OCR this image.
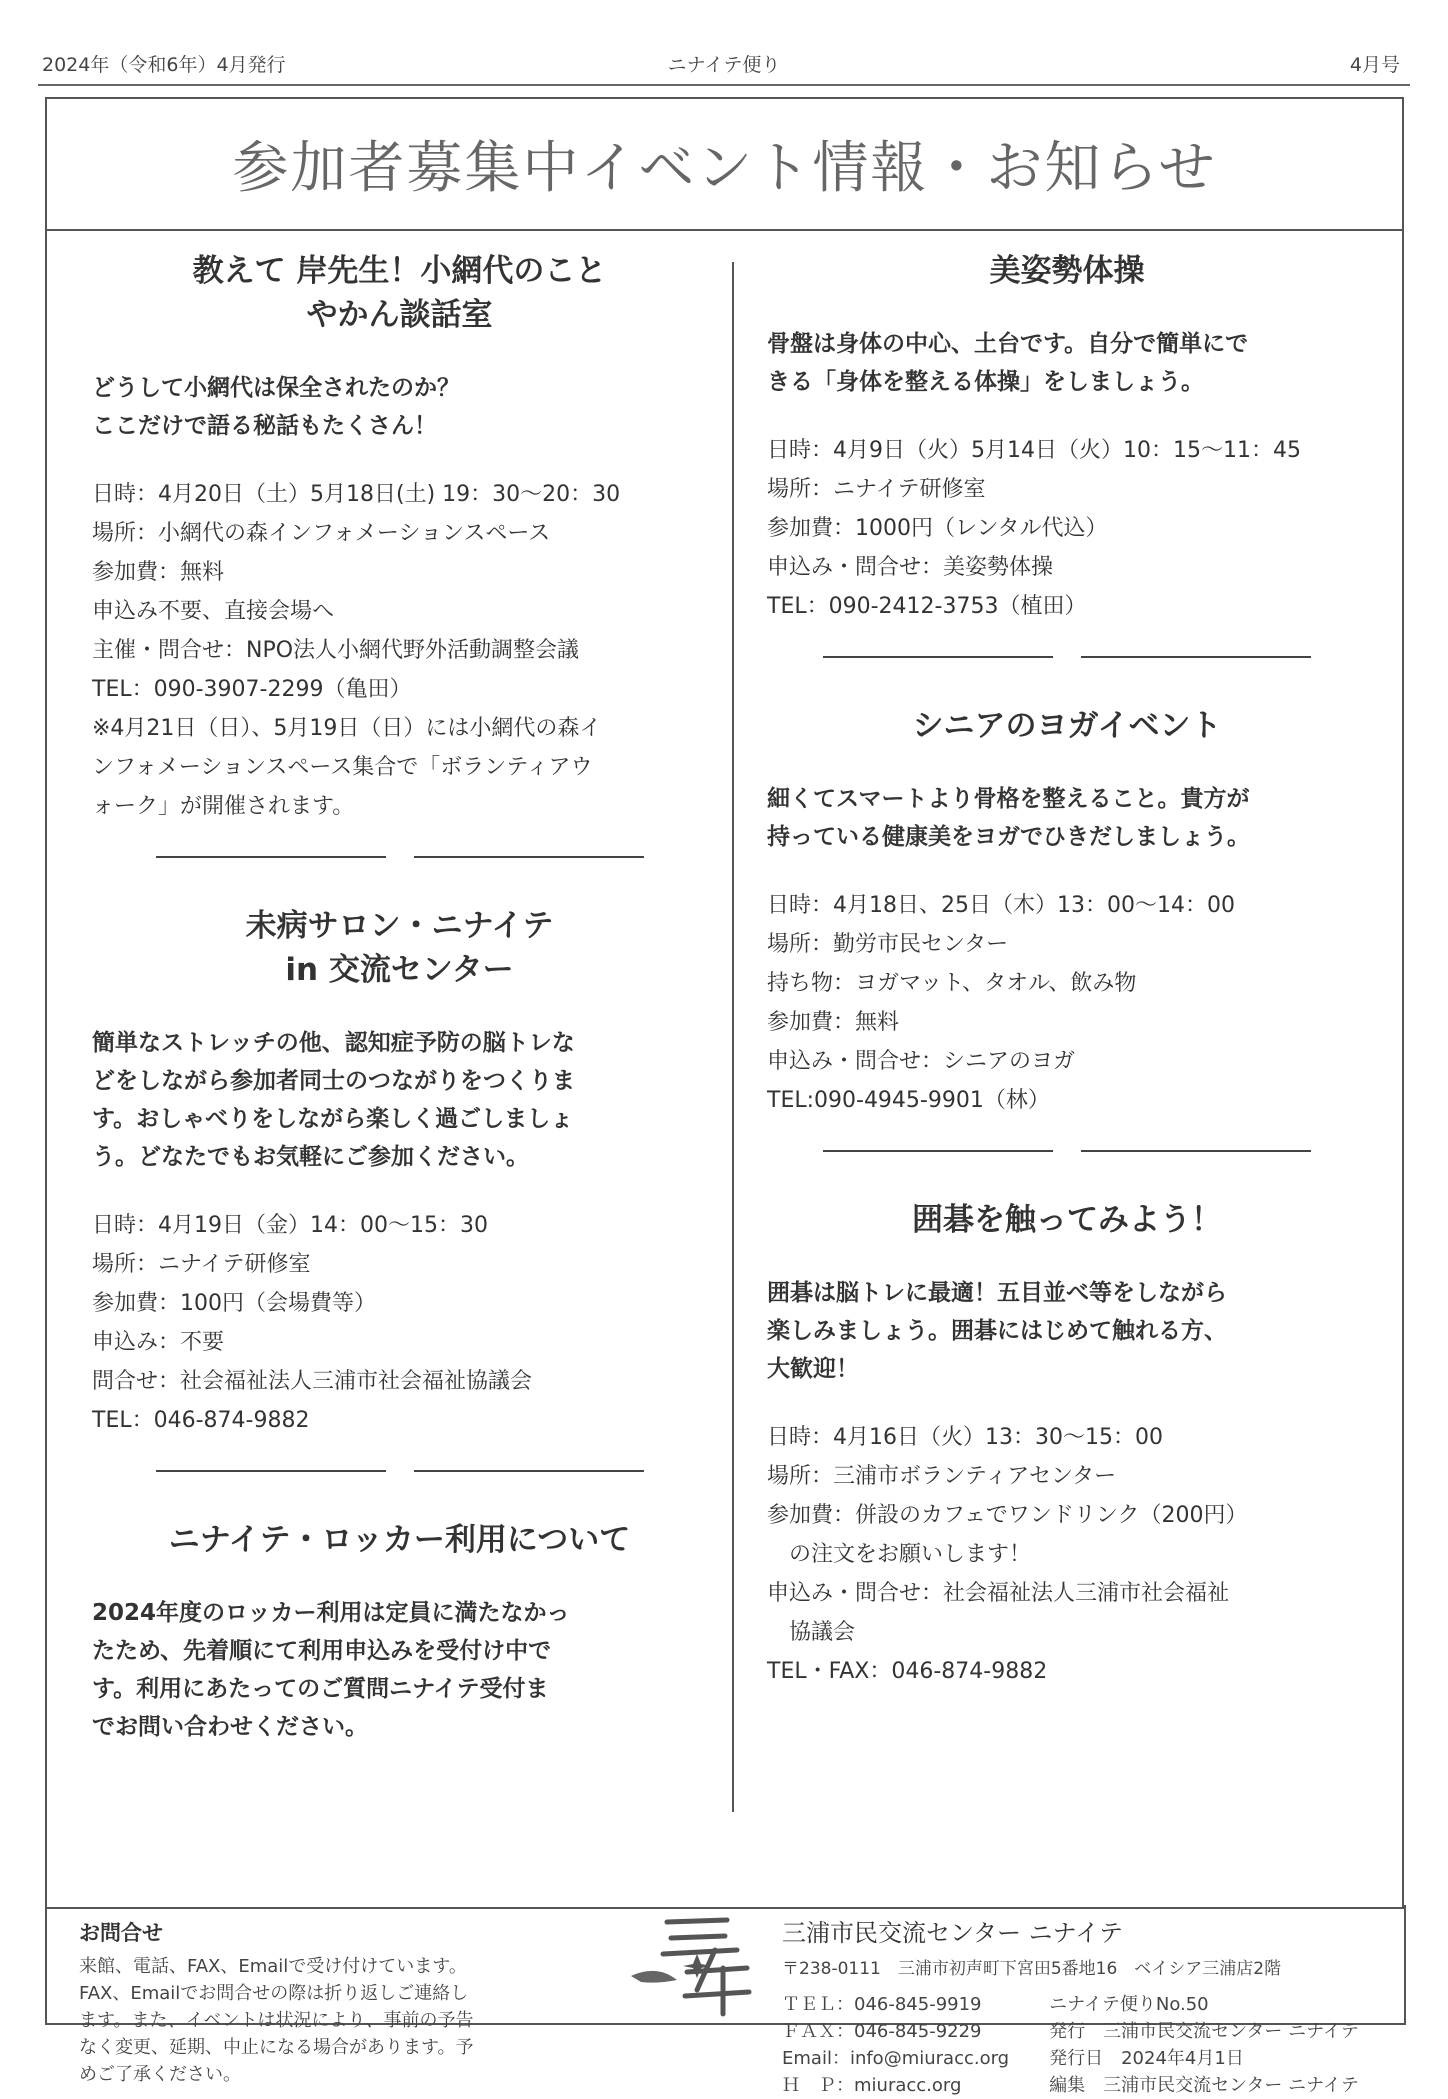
2024年（令和6年）4月発行	ニナイテ便り	4月号
参加者募集中イベント情報・お知らせ
教えて 岸先生！小網代のこと
やかん談話室
どうして小網代は保全されたのか？
ここだけで語る秘話もたくさん！
日時：4月20日（土）5月18日(土) 19：30〜20：30
場所：小網代の森インフォメーションスペース
参加費：無料
申込み不要、直接会場へ
主催・問合せ：NPO法人小網代野外活動調整会議
TEL：090-3907-2299（亀田）
※4月21日（日）、5月19日（日）には小網代の森イ
ンフォメーションスペース集合で「ボランティアウ
ォーク」が開催されます。
未病サロン・ニナイテ
in 交流センター
簡単なストレッチの他、認知症予防の脳トレな
どをしながら参加者同士のつながりをつくりま
す。おしゃべりをしながら楽しく過ごしましょ
う。どなたでもお気軽にご参加ください。
日時：4月19日（金）14：00〜15：30
場所：ニナイテ研修室
参加費：100円（会場費等）
申込み：不要
問合せ：社会福祉法人三浦市社会福祉協議会
TEL：046-874-9882
ニナイテ・ロッカー利用について
2024年度のロッカー利用は定員に満たなかっ
たため、先着順にて利用申込みを受付け中で
す。利用にあたってのご質問ニナイテ受付ま
でお問い合わせください。
美姿勢体操
骨盤は身体の中心、土台です。自分で簡単にで
きる「身体を整える体操」をしましょう。
日時：4月9日（火）5月14日（火）10：15〜11：45
場所：ニナイテ研修室
参加費：1000円（レンタル代込）
申込み・問合せ：美姿勢体操
TEL：090-2412-3753（植田）
シニアのヨガイベント
細くてスマートより骨格を整えること。貴方が
持っている健康美をヨガでひきだしましょう。
日時：4月18日、25日（木）13：00〜14：00
場所：勤労市民センター
持ち物：ヨガマット、タオル、飲み物
参加費：無料
申込み・問合せ：シニアのヨガ
TEL:090-4945-9901（林）
囲碁を触ってみよう！
囲碁は脳トレに最適！五目並べ等をしながら
楽しみましょう。囲碁にはじめて触れる方、
大歓迎！
日時：4月16日（火）13：30〜15：00
場所：三浦市ボランティアセンター
参加費：併設のカフェでワンドリンク（200円）
　の注文をお願いします！
申込み・問合せ：社会福祉法人三浦市社会福祉
　協議会
TEL・FAX：046-874-9882
お問合せ
来館、電話、FAX、Emailで受け付けています。
FAX、Emailでお問合せの際は折り返しご連絡し
ます。また、イベントは状況により、事前の予告
なく変更、延期、中止になる場合があります。予
めご了承ください。
三浦市民交流センター ニナイテ
〒238-0111　三浦市初声町下宮田5番地16　ベイシア三浦店2階
ＴＥＬ：046-845-9919
ＦＡＸ：046-845-9229
Email：info@miuracc.org
Ｈ　Ｐ：miuracc.org
ニナイテ便りNo.50
発行　三浦市民交流センター ニナイテ
発行日　2024年4月1日
編集　三浦市民交流センター ニナイテ
